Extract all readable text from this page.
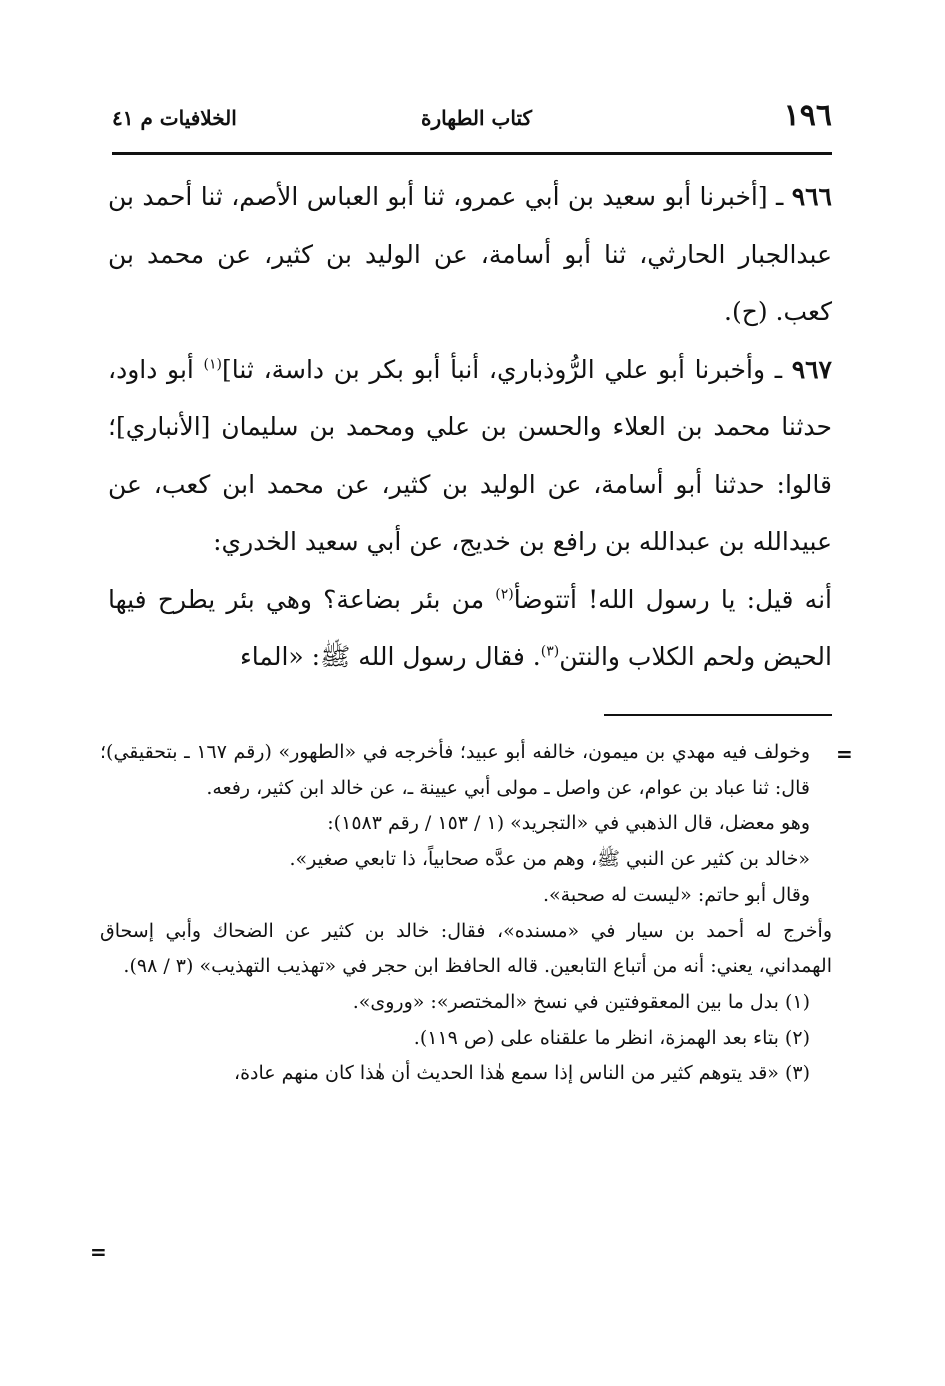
١٩٦
كتاب الطهارة
الخلافيات م ٤١

٩٦٦ ـ [أخبرنا أبو سعيد بن أبي عمرو، ثنا أبو العباس الأصم، ثنا أحمد بن عبدالجبار الحارثي، ثنا أبو أسامة، عن الوليد بن كثير، عن محمد بن كعب. (ح).

٩٦٧ ـ وأخبرنا أبو علي الرُّوذباري، أنبأ أبو بكر بن داسة، ثنا]$^{(١)}$ أبو داود، حدثنا محمد بن العلاء والحسن بن علي ومحمد بن سليمان [الأنباري]؛ قالوا: حدثنا أبو أسامة، عن الوليد بن كثير، عن محمد ابن كعب، عن عبيدالله بن عبدالله بن رافع بن خديج، عن أبي سعيد الخدري:

أنه قيل: يا رسول الله! أتتوضأ$^{(٢)}$ من بئر بضاعة؟ وهي بئر يطرح فيها الحيض ولحم الكلاب والنتن$^{(٣)}$. فقال رسول الله ﷺ: «الماء

=

وخولف فيه مهدي بن ميمون، خالفه أبو عبيد؛ فأخرجه في «الطهور» (رقم ١٦٧ ـ بتحقيقي)؛ قال: ثنا عباد بن عوام، عن واصل ـ مولى أبي عيينة ـ، عن خالد ابن كثير، رفعه.

وهو معضل، قال الذهبي في «التجريد» (١ / ١٥٣ / رقم ١٥٨٣):

«خالد بن كثير عن النبي ﷺ، وهم من عدَّه صحابياً، ذا تابعي صغير».

وقال أبو حاتم: «ليست له صحبة».

وأخرج له أحمد بن سيار في «مسنده»، فقال: خالد بن كثير عن الضحاك وأبي إسحاق الهمداني، يعني: أنه من أتباع التابعين. قاله الحافظ ابن حجر في «تهذيب التهذيب» (٣ / ٩٨).

(١) بدل ما بين المعقوفتين في نسخ «المختصر»: «وروى».

(٢) بتاء بعد الهمزة، انظر ما علقناه على (ص ١١٩).

(٣) «قد يتوهم كثير من الناس إذا سمع هٰذا الحديث أن هٰذا كان منهم عادة،

=
